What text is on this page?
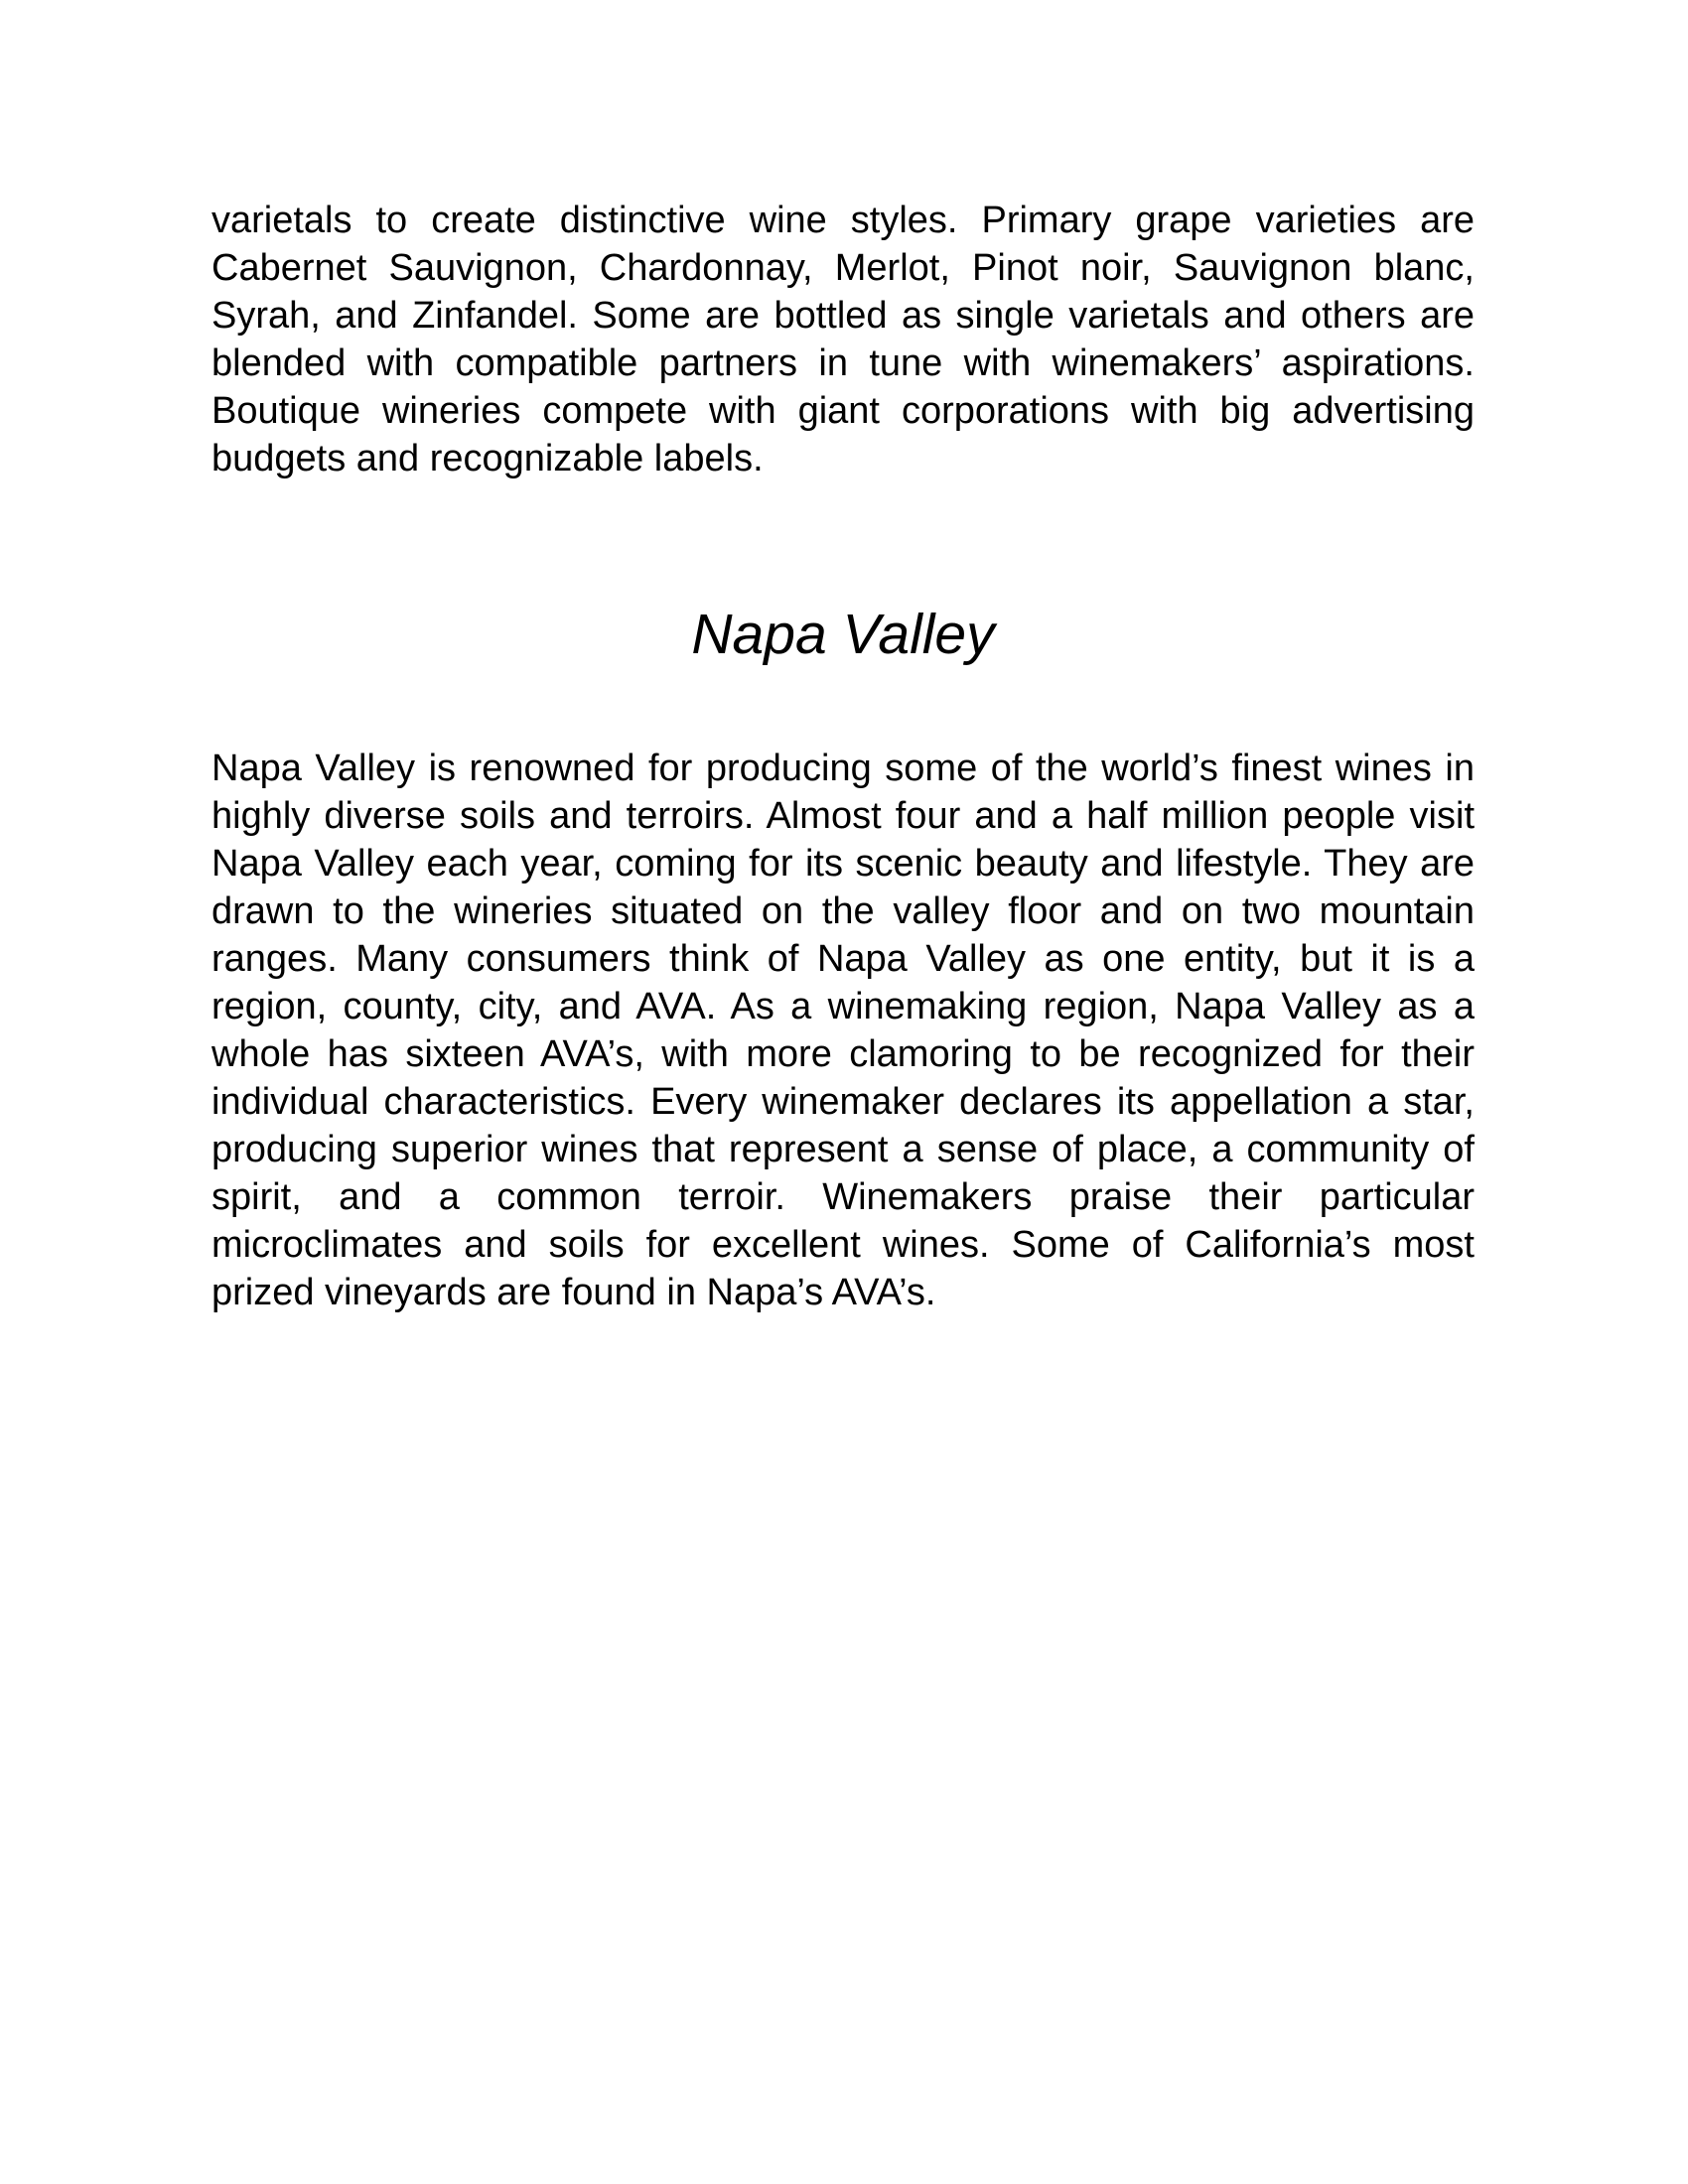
varietals to create distinctive wine styles. Primary grape varieties are Cabernet Sauvignon, Chardonnay, Merlot, Pinot noir, Sauvignon blanc, Syrah, and Zinfandel. Some are bottled as single varietals and others are blended with compatible partners in tune with winemakers’ aspirations. Boutique wineries compete with giant corporations with big advertising budgets and recognizable labels.

Napa Valley

Napa Valley is renowned for producing some of the world’s finest wines in highly diverse soils and terroirs. Almost four and a half million people visit Napa Valley each year, coming for its scenic beauty and lifestyle. They are drawn to the wineries situated on the valley floor and on two mountain ranges. Many consumers think of Napa Valley as one entity, but it is a region, county, city, and AVA. As a winemaking region, Napa Valley as a whole has sixteen AVA’s, with more clamoring to be recognized for their individual characteristics. Every winemaker declares its appellation a star, producing superior wines that represent a sense of place, a community of spirit, and a common terroir. Winemakers praise their particular microclimates and soils for excellent wines. Some of California’s most prized vineyards are found in Napa’s AVA’s.
